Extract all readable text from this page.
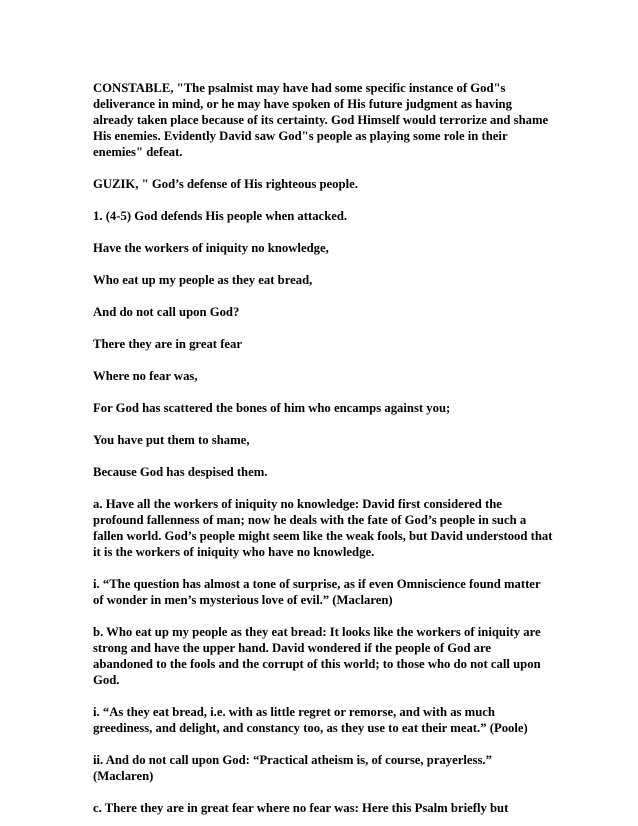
CONSTABLE, "The psalmist may have had some specific instance of God"s deliverance in mind, or he may have spoken of His future judgment as having already taken place because of its certainty. God Himself would terrorize and shame His enemies. Evidently David saw God"s people as playing some role in their enemies" defeat.

GUZIK, " God’s defense of His righteous people.

1. (4-5) God defends His people when attacked.

Have the workers of iniquity no knowledge,

Who eat up my people as they eat bread,

And do not call upon God?

There they are in great fear

Where no fear was,

For God has scattered the bones of him who encamps against you;

You have put them to shame,

Because God has despised them.

a. Have all the workers of iniquity no knowledge: David first considered the profound fallenness of man; now he deals with the fate of God’s people in such a fallen world. God’s people might seem like the weak fools, but David understood that it is the workers of iniquity who have no knowledge.

i. “The question has almost a tone of surprise, as if even Omniscience found matter of wonder in men’s mysterious love of evil.” (Maclaren)

b. Who eat up my people as they eat bread: It looks like the workers of iniquity are strong and have the upper hand. David wondered if the people of God are abandoned to the fools and the corrupt of this world; to those who do not call upon God.

i. “As they eat bread, i.e. with as little regret or remorse, and with as much greediness, and delight, and constancy too, as they use to eat their meat.” (Poole)

ii. And do not call upon God: “Practical atheism is, of course, prayerless.” (Maclaren)

c. There they are in great fear where no fear was: Here this Psalm briefly but
